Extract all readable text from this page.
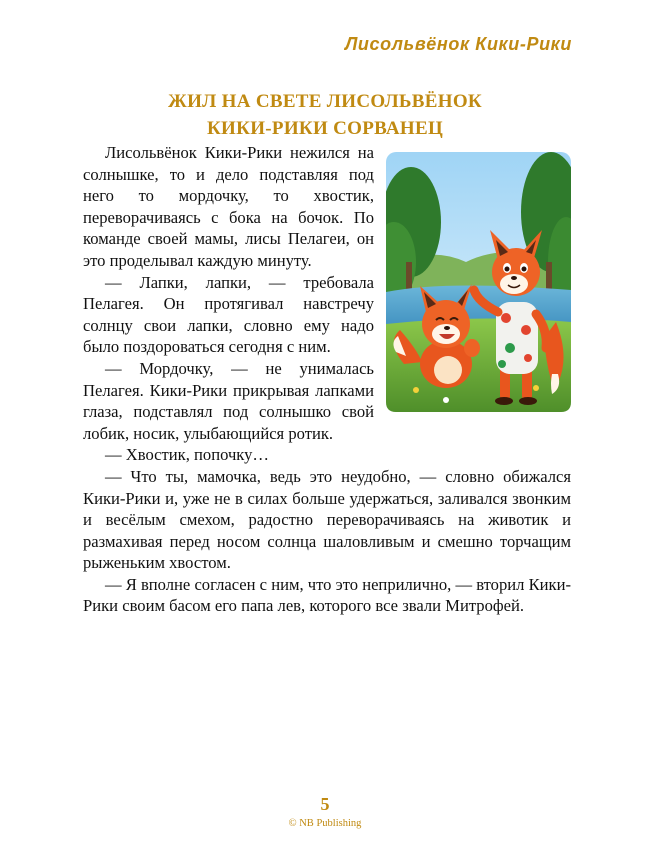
Лисольвёнок Кики-Рики
ЖИЛ НА СВЕТЕ ЛИСОЛЬВЁНОК
КИКИ-РИКИ СОРВАНЕЦ

Лисольвёнок Кики-Рики нежился на солнышке, то и дело подставляя под него то мордочку, то хвостик, переворачиваясь с бока на бочок. По команде своей мамы, лисы Пелагеи, он это проделывал каждую минуту.

— Лапки, лапки, — требовала Пелагея. Он протягивал навстречу солнцу свои лапки, словно ему надо было поздороваться сегодня с ним.

— Мордочку, — не унималась Пелагея. Кики-Рики прикрывая лапками глаза, подставлял под солнышко свой лобик, носик, улыбающийся ротик.

— Хвостик, попочку…

— Что ты, мамочка, ведь это неудобно, — словно обижался Кики-Рики и, уже не в силах больше удержаться, заливался звонким и весёлым смехом, радостно переворачиваясь на животик и размахивая перед носом солнца шаловливым и смешно торчащим рыженьким хвостом.

— Я вполне согласен с ним, что это неприлично, — вторил Кики-Рики своим басом его папа лев, которого все звали Митрофей.

5
© NB Publishing
